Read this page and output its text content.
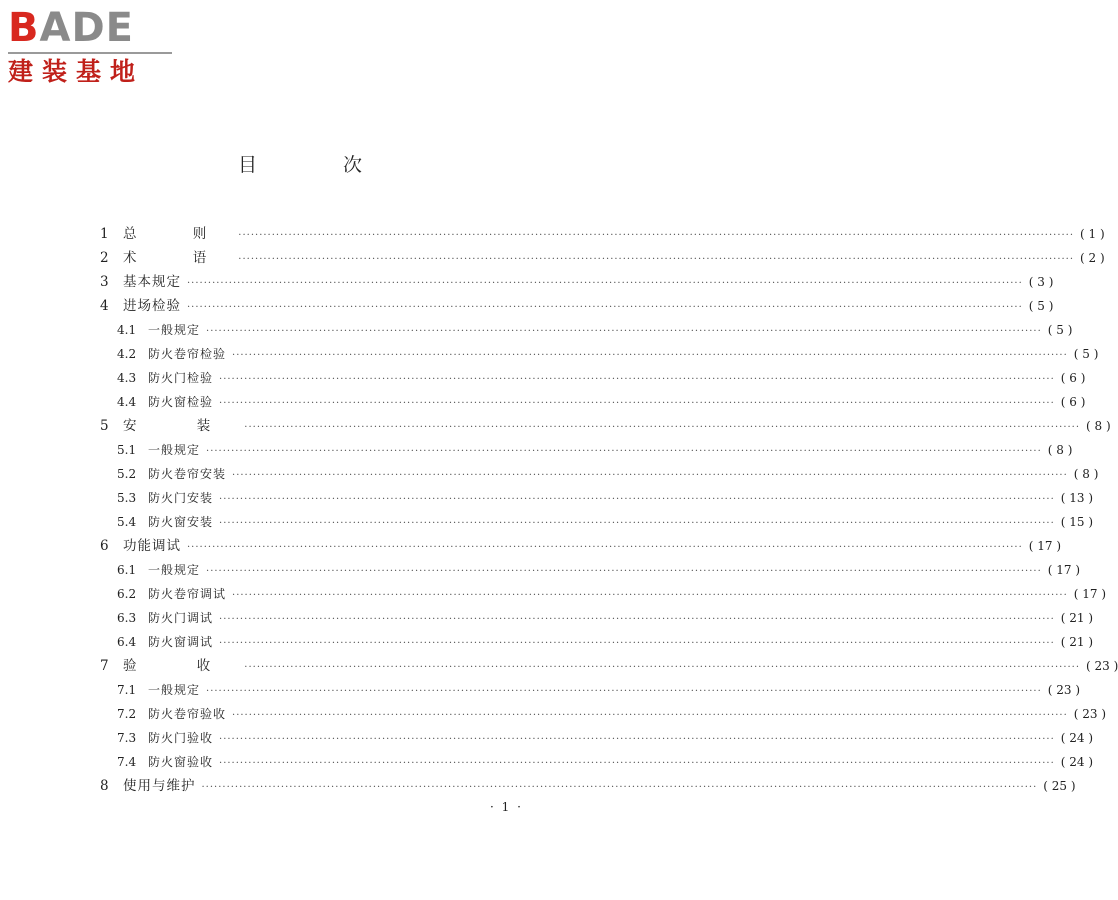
BADE
建装基地
目 次
1	总 则 ········································································································································································································ ( 1 )
2	术 语 ········································································································································································································ ( 2 )
3	基本规定 ········································································································································································································ ( 3 )
4	进场检验 ········································································································································································································ ( 5 )
4.1 一般规定 ········································································································································································································ ( 5 )
4.2 防火卷帘检验 ········································································································································································································ ( 5 )
4.3 防火门检验 ········································································································································································································ ( 6 )
4.4 防火窗检验 ········································································································································································································ ( 6 )
5	安 装 ········································································································································································································ ( 8 )
5.1 一般规定 ········································································································································································································ ( 8 )
5.2 防火卷帘安装 ········································································································································································································ ( 8 )
5.3 防火门安装 ········································································································································································································ ( 13 )
5.4 防火窗安装 ········································································································································································································ ( 15 )
6	功能调试 ········································································································································································································ ( 17 )
6.1 一般规定 ········································································································································································································ ( 17 )
6.2 防火卷帘调试 ········································································································································································································ ( 17 )
6.3 防火门调试 ········································································································································································································ ( 21 )
6.4 防火窗调试 ········································································································································································································ ( 21 )
7	验 收 ········································································································································································································ ( 23 )
7.1 一般规定 ········································································································································································································ ( 23 )
7.2 防火卷帘验收 ········································································································································································································ ( 23 )
7.3 防火门验收 ········································································································································································································ ( 24 )
7.4 防火窗验收 ········································································································································································································ ( 24 )
8	使用与维护 ········································································································································································································ ( 25 )
· 1 ·
